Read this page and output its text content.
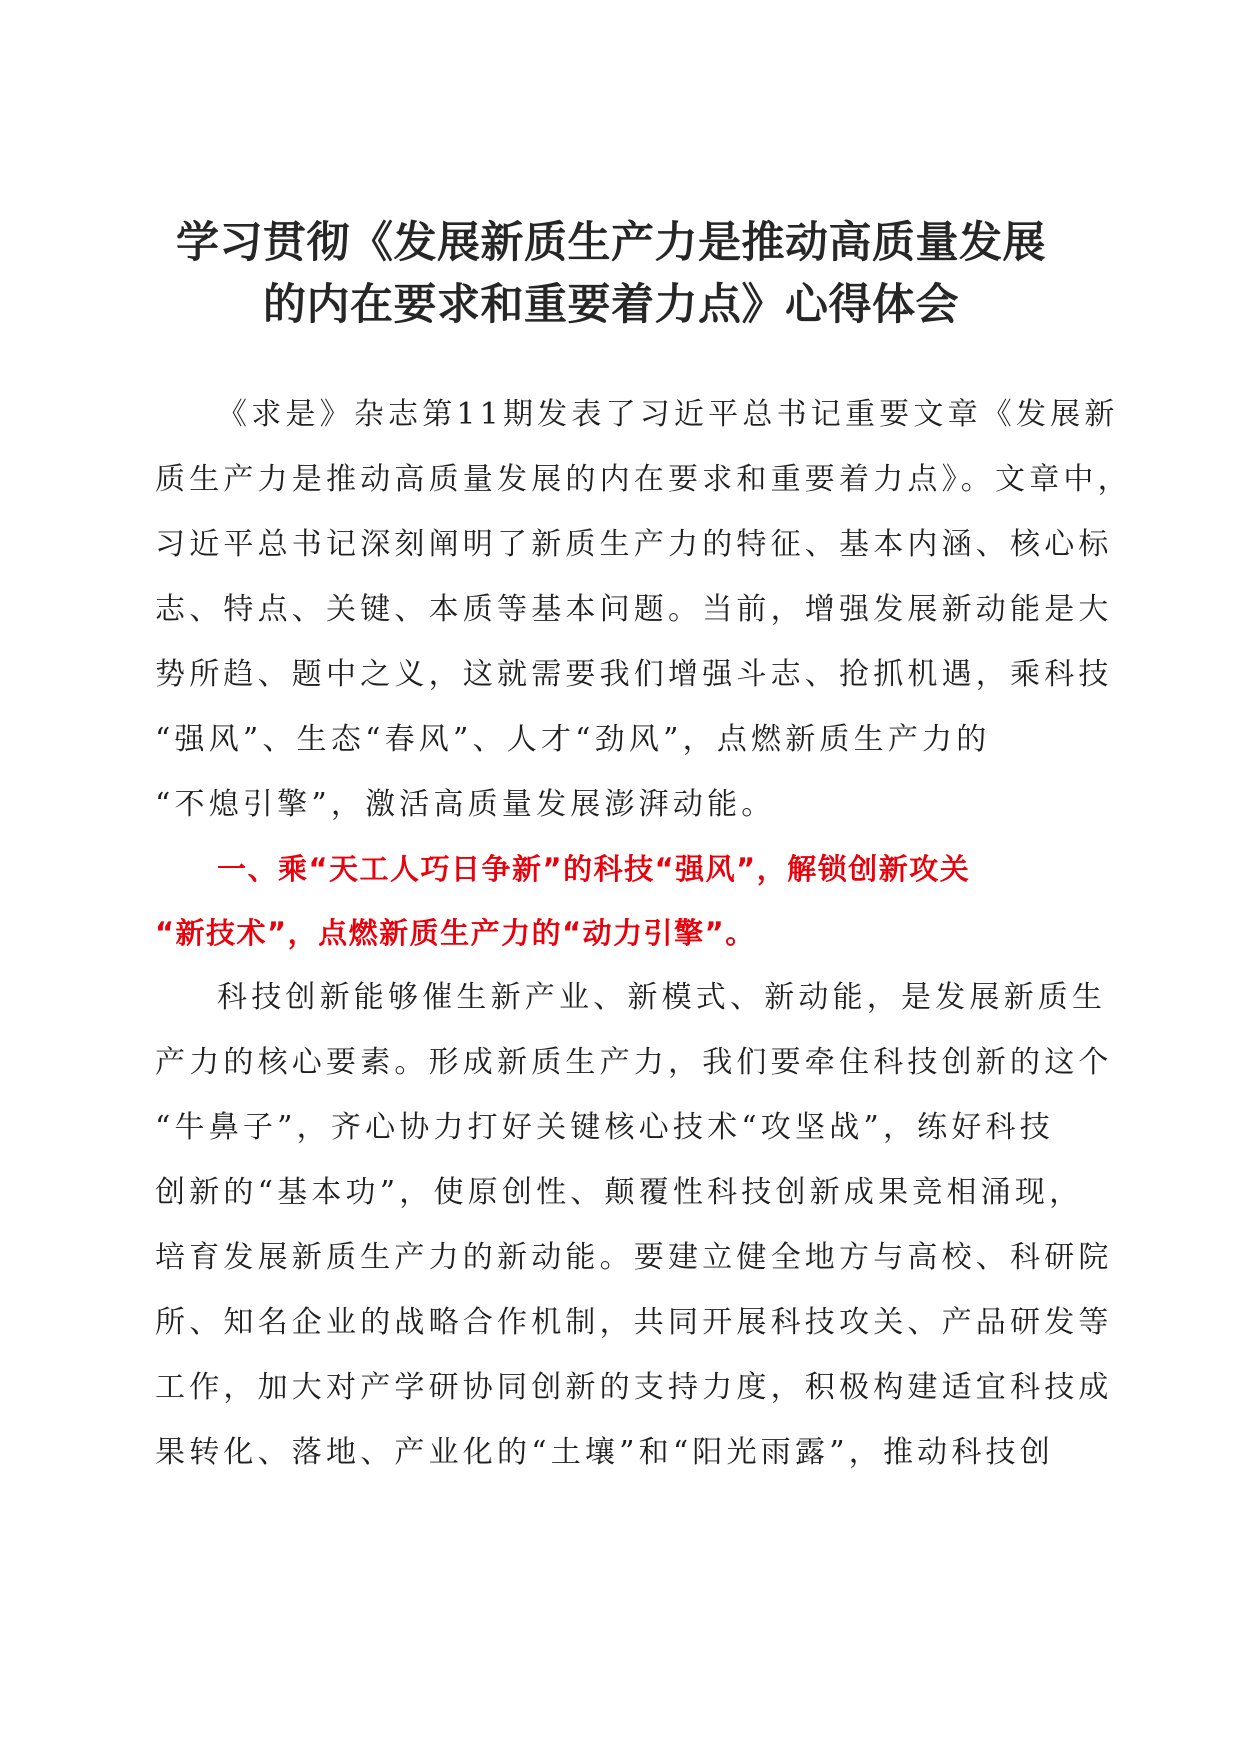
学习贯彻《发展新质生产力是推动高质量发展
的内在要求和重要着力点》心得体会

《求是》杂志第11期发表了习近平总书记重要文章《发展新
质生产力是推动高质量发展的内在要求和重要着力点》。文章中，
习近平总书记深刻阐明了新质生产力的特征、基本内涵、核心标
志、特点、关键、本质等基本问题。当前，增强发展新动能是大
势所趋、题中之义，这就需要我们增强斗志、抢抓机遇，乘科技
“强风”、生态“春风”、人才“劲风”，点燃新质生产力的
“不熄引擎”，激活高质量发展澎湃动能。

一、乘“天工人巧日争新”的科技“强风”，解锁创新攻关
“新技术”，点燃新质生产力的“动力引擎”。

科技创新能够催生新产业、新模式、新动能，是发展新质生
产力的核心要素。形成新质生产力，我们要牵住科技创新的这个
“牛鼻子”，齐心协力打好关键核心技术“攻坚战”，练好科技
创新的“基本功”，使原创性、颠覆性科技创新成果竞相涌现，
培育发展新质生产力的新动能。要建立健全地方与高校、科研院
所、知名企业的战略合作机制，共同开展科技攻关、产品研发等
工作，加大对产学研协同创新的支持力度，积极构建适宜科技成
果转化、落地、产业化的“土壤”和“阳光雨露”，推动科技创
